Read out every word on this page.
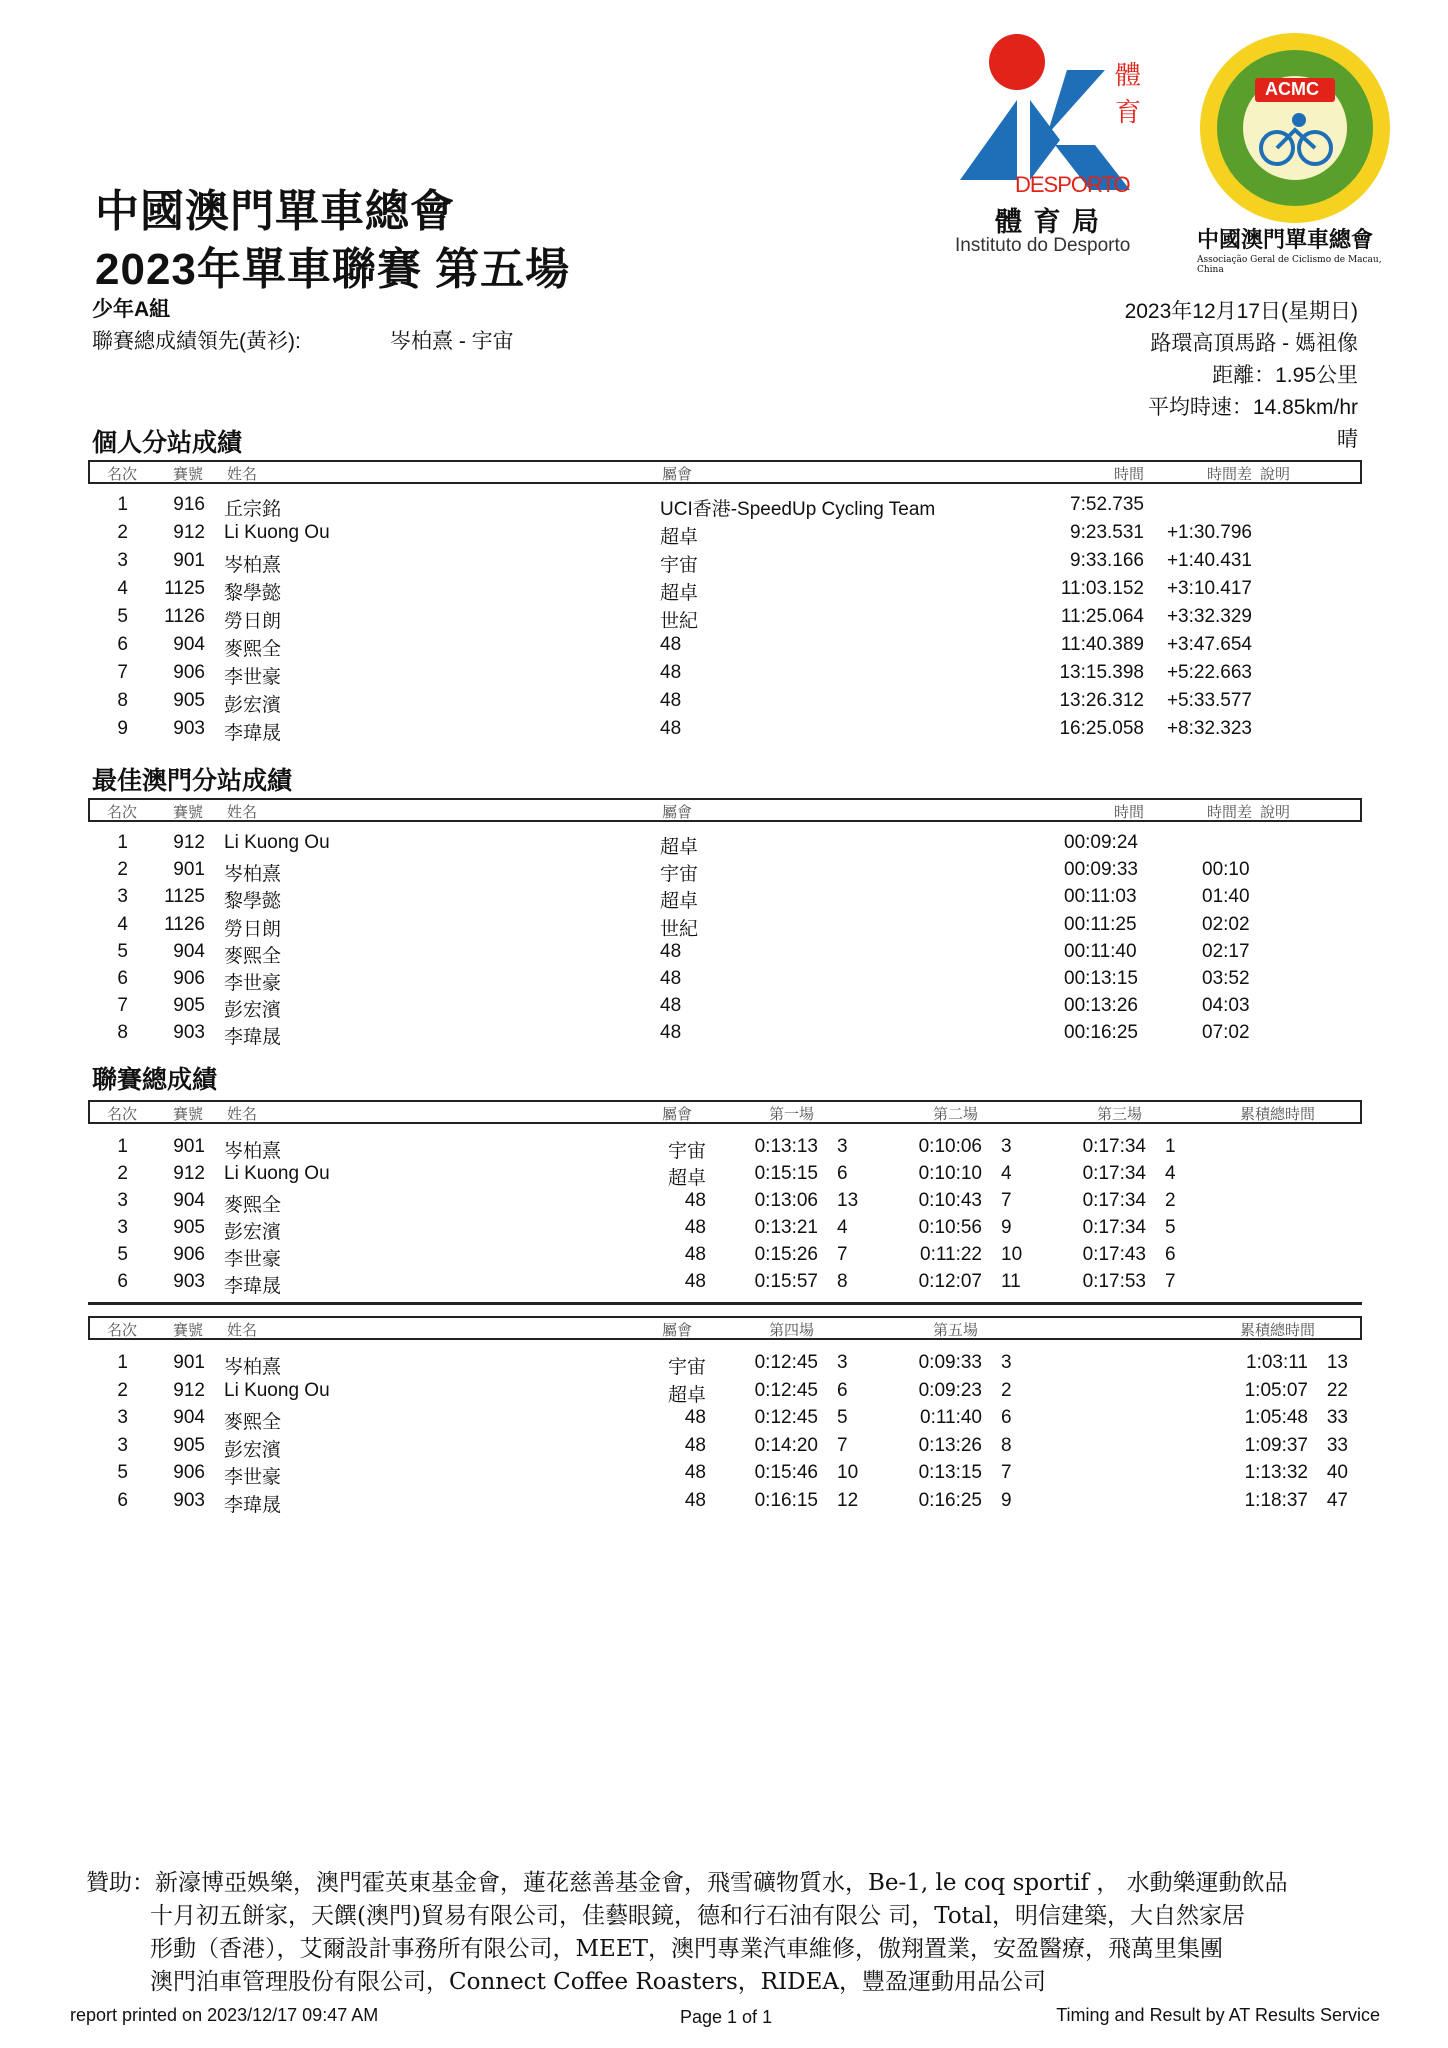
中國澳門單車總會
2023年單車聯賽 第五場
體
育
DESPORTO
體 育 局
Instituto do Desporto
ACMC
中國澳門單車總會
Associação Geral de Ciclismo de Macau, China
少年A組
聯賽總成績領先(黃衫):	岑柏熹 - 宇宙
2023年12月17日(星期日)
路環高頂馬路 - 媽祖像
距離：1.95公里
平均時速：14.85km/hr
晴
個人分站成績
名次 賽號 姓名	屬會	時間	時間差 說明
1 916 丘宗銘	UCI香港-SpeedUp Cycling Team	7:52.735
2 912 Li Kuong Ou	超卓	9:23.531 +1:30.796
3 901 岑柏熹	宇宙	9:33.166 +1:40.431
4 1125 黎學懿	超卓	11:03.152 +3:10.417
5 1126 勞日朗	世紀	11:25.064 +3:32.329
6 904 麥熙全	48	11:40.389 +3:47.654
7 906 李世豪	48	13:15.398 +5:22.663
8 905 彭宏濱	48	13:26.312 +5:33.577
9 903 李瑋晟	48	16:25.058 +8:32.323
最佳澳門分站成績
名次 賽號 姓名	屬會	時間	時間差 說明
1 912 Li Kuong Ou	超卓	00:09:24
2 901 岑柏熹	宇宙	00:09:33	00:10
3 1125 黎學懿	超卓	00:11:03	01:40
4 1126 勞日朗	世紀	00:11:25	02:02
5 904 麥熙全	48	00:11:40	02:17
6 906 李世豪	48	00:13:15	03:52
7 905 彭宏濱	48	00:13:26	04:03
8 903 李瑋晟	48	00:16:25	07:02
聯賽總成績
名次 賽號 姓名	屬會	第一場	第二場	第三場	累積總時間
1 901 岑柏熹	宇宙	0:13:13 3	0:10:06 3	0:17:34 1
2 912 Li Kuong Ou	超卓	0:15:15 6	0:10:10 4	0:17:34 4
3 904 麥熙全	48	0:13:06 13	0:10:43 7	0:17:34 2
3 905 彭宏濱	48	0:13:21 4	0:10:56 9	0:17:34 5
5 906 李世豪	48	0:15:26 7	0:11:22 10	0:17:43 6
6 903 李瑋晟	48	0:15:57 8	0:12:07 11	0:17:53 7
名次 賽號 姓名	屬會	第四場	第五場	累積總時間
1 901 岑柏熹	宇宙	0:12:45 3	0:09:33 3	1:03:11 13
2 912 Li Kuong Ou	超卓	0:12:45 6	0:09:23 2	1:05:07 22
3 904 麥熙全	48	0:12:45 5	0:11:40 6	1:05:48 33
3 905 彭宏濱	48	0:14:20 7	0:13:26 8	1:09:37 33
5 906 李世豪	48	0:15:46 10	0:13:15 7	1:13:32 40
6 903 李瑋晟	48	0:16:15 12	0:16:25 9	1:18:37 47
贊助：新濠博亞娛樂，澳門霍英東基金會，蓮花慈善基金會，飛雪礦物質水，Be-1, le coq sportif ， 水動樂運動飲品
十月初五餅家，天饌(澳門)貿易有限公司，佳藝眼鏡，德和行石油有限公 司，Total，明信建築，大自然家居
形動（香港），艾爾設計事務所有限公司，MEET，澳門專業汽車維修，傲翔置業，安盈醫療，飛萬里集團
澳門泊車管理股份有限公司，Connect Coffee Roasters，RIDEA，豐盈運動用品公司
report printed on 2023/12/17 09:47 AM	Page 1 of 1	Timing and Result by AT Results Service
